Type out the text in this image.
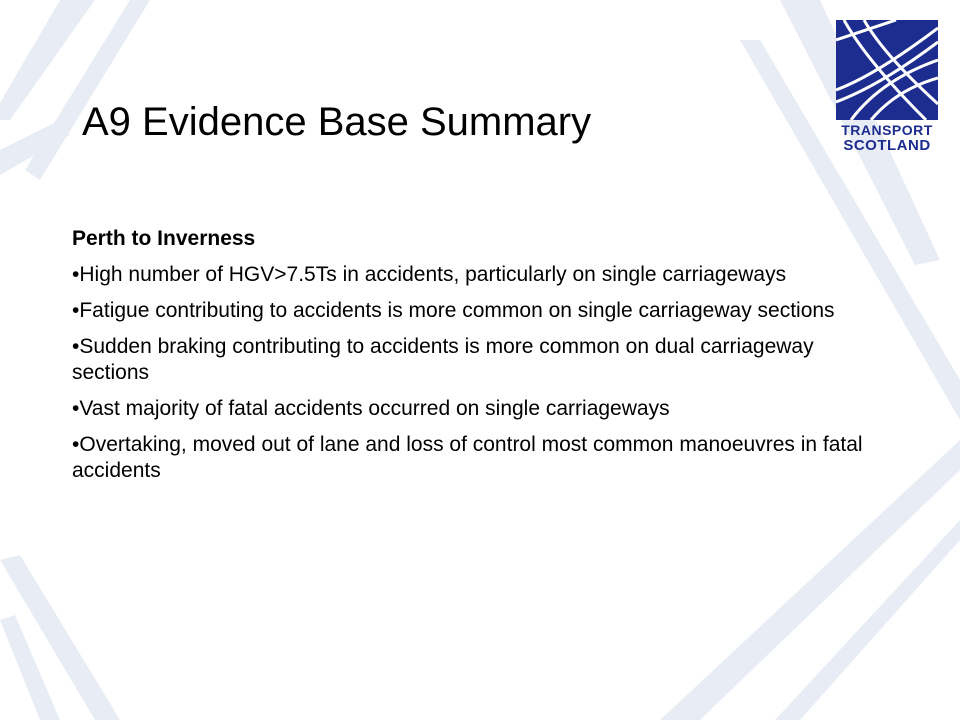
A9 Evidence Base Summary	TRANSPORT
SCOTLAND
Perth to Inverness
•High number of HGV>7.5Ts in accidents, particularly on single carriageways
•Fatigue contributing to accidents is more common on single carriageway sections
•Sudden braking contributing to accidents is more common on dual carriageway sections
•Vast majority of fatal accidents occurred on single carriageways
•Overtaking, moved out of lane and loss of control most common manoeuvres in fatal accidents
